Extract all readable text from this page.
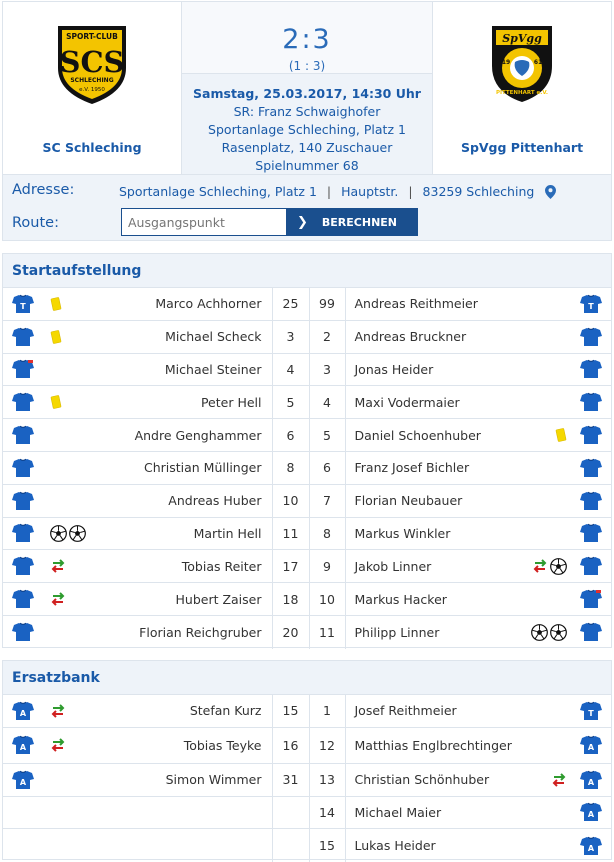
SPORT-CLUB
SCS
SCHLECHING
e.V. 1950
SC Schleching
2:3
(1 : 3)
Samstag, 25.03.2017, 14:30 Uhr
SR: Franz Schwaighofer
Sportanlage Schleching, Platz 1
Rasenplatz, 140 Zuschauer
Spielnummer 68
SpVgg
19	61
PITTENHART e.V.
SpVgg Pittenhart
Adresse:	Sportanlage Schleching, Platz 1 | Hauptstr. | 83259 Schleching
Route:
Ausgangspunkt	❯ BERECHNEN
Startaufstellung
T	Marco Achhorner	25	99	Andreas Reithmeier	T
Michael Scheck	3	2	Andreas Bruckner
Michael Steiner	4	3	Jonas Heider
Peter Hell	5	4	Maxi Vodermaier
Andre Genghammer	6	5	Daniel Schoenhuber
Christian Müllinger	8	6	Franz Josef Bichler
Andreas Huber	10	7	Florian Neubauer
Martin Hell	11	8	Markus Winkler
Tobias Reiter	17	9	Jakob Linner
Hubert Zaiser	18	10	Markus Hacker
Florian Reichgruber	20	11	Philipp Linner
Ersatzbank
A	Stefan Kurz	15	1	Josef Reithmeier	T
A	Tobias Teyke	16	12	Matthias Englbrechtinger	A
A	Simon Wimmer	31	13	Christian Schönhuber	A
14	Michael Maier	A
15	Lukas Heider	A
